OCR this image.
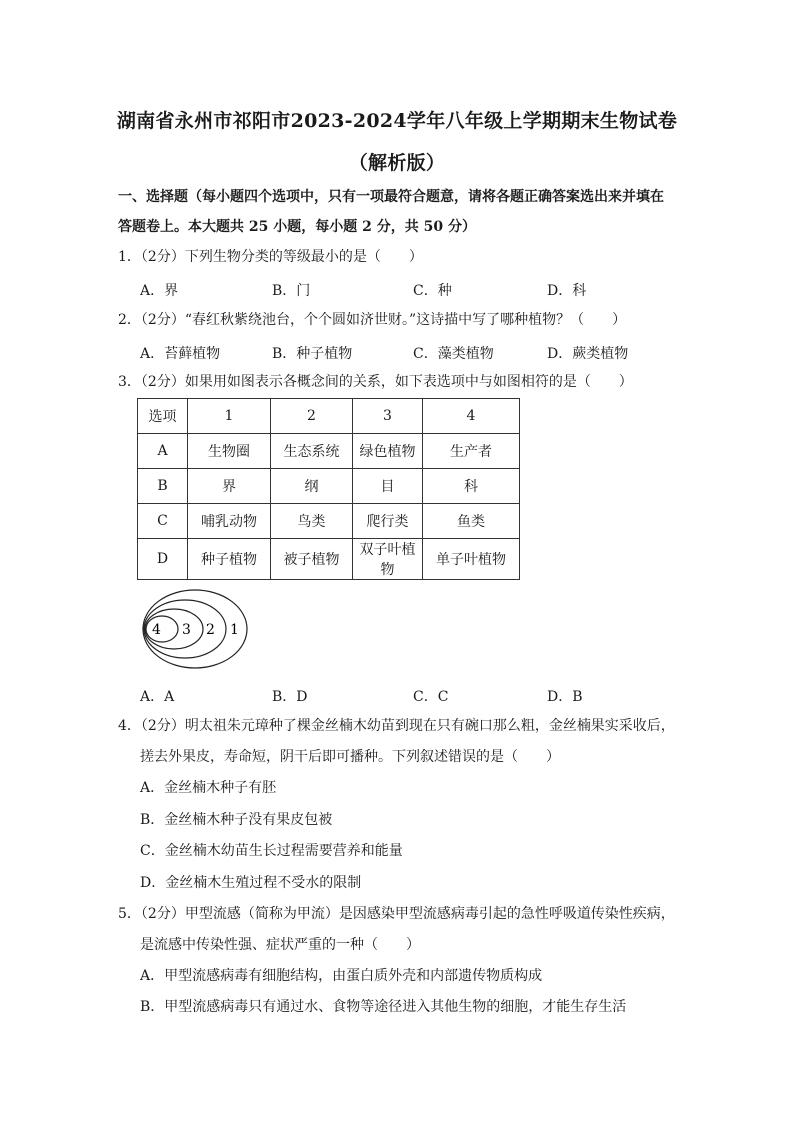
湖南省永州市祁阳市2023-2024学年八年级上学期期末生物试卷
（解析版）
一、选择题（每小题四个选项中，只有一项最符合题意，请将各题正确答案选出来并填在
答题卷上。本大题共 25 小题，每小题 2 分，共 50 分）
1．（2分）下列生物分类的等级最小的是（　　）
A．界	B．门	C．种	D．科
2．（2分）“春红秋紫绕池台，个个圆如济世财。”这诗描中写了哪种植物？（　　）
A．苔藓植物	B．种子植物	C．藻类植物	D．蕨类植物
3．（2分）如果用如图表示各概念间的关系，如下表选项中与如图相符的是（　　）
选项	1	2	3	4
A	生物圈	生态系统	绿色植物	生产者
B	界	纲	目	科
C	哺乳动物	鸟类	爬行类	鱼类
D	种子植物	被子植物	双子叶植物	单子叶植物
4 3 2 1
A．A	B．D	C．C	D．B
4．（2分）明太祖朱元璋种了棵金丝楠木幼苗到现在只有碗口那么粗，金丝楠果实采收后，
搓去外果皮，寿命短，阴干后即可播种。下列叙述错误的是（　　）
A．金丝楠木种子有胚
B．金丝楠木种子没有果皮包被
C．金丝楠木幼苗生长过程需要营养和能量
D．金丝楠木生殖过程不受水的限制
5．（2分）甲型流感（简称为甲流）是因感染甲型流感病毒引起的急性呼吸道传染性疾病，
是流感中传染性强、症状严重的一种（　　）
A．甲型流感病毒有细胞结构，由蛋白质外壳和内部遗传物质构成
B．甲型流感病毒只有通过水、食物等途径进入其他生物的细胞，才能生存生活
